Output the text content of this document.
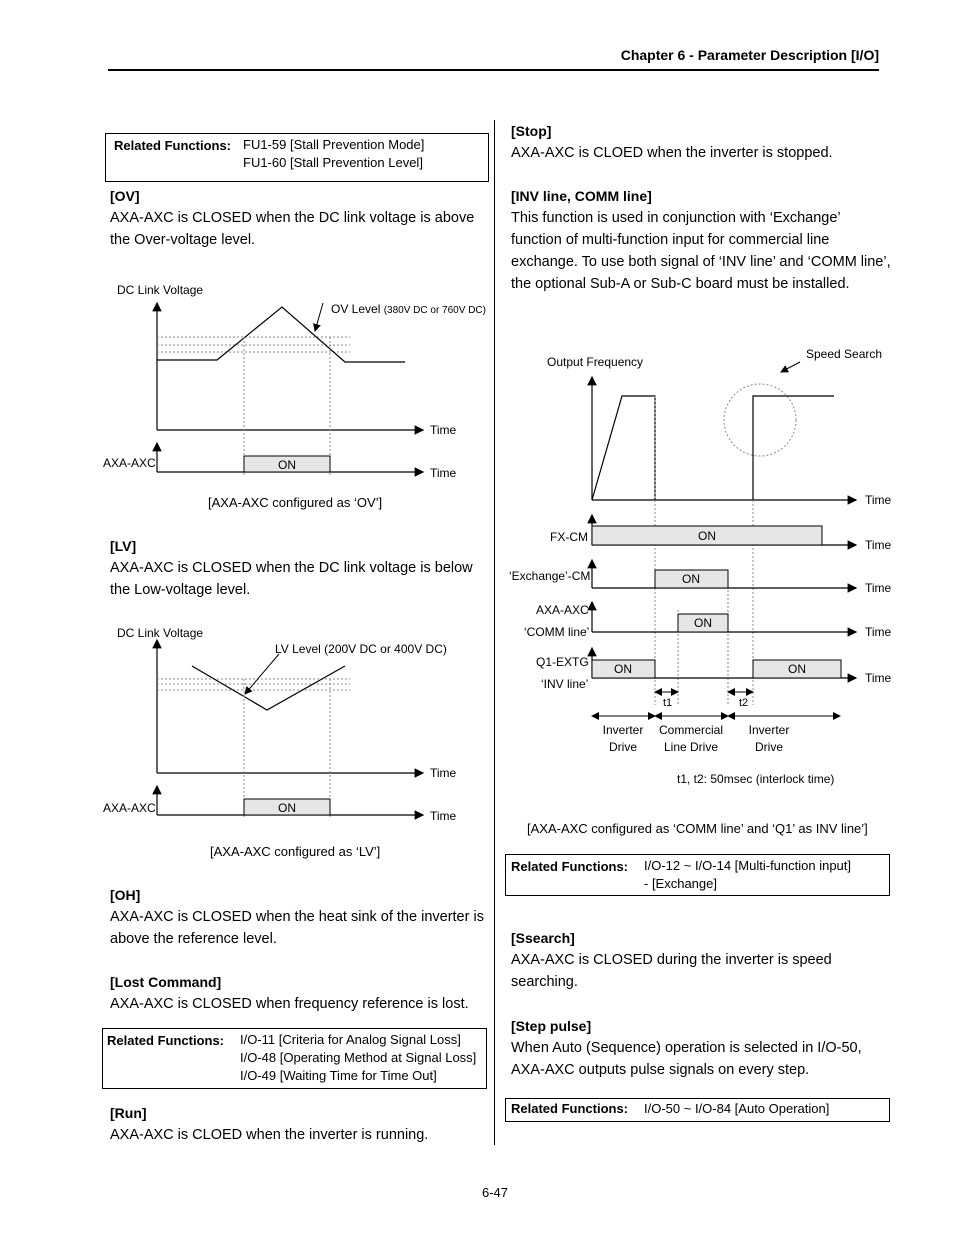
Chapter 6 - Parameter Description [I/O]
Related Functions: FU1-59 [Stall Prevention Mode]
FU1-60 [Stall Prevention Level]
[OV]
AXA-AXC is CLOSED when the DC link voltage is above
the Over-voltage level.
DC Link Voltage
OV Level (380V DC or 760V DC)
Time
AXA-AXC	ON
Time
[AXA-AXC configured as ‘OV’]
[LV]
AXA-AXC is CLOSED when the DC link voltage is below
the Low-voltage level.
DC Link Voltage
LV Level (200V DC or 400V DC)
Time
AXA-AXC	ON
Time
[AXA-AXC configured as ‘LV’]
[OH]
AXA-AXC is CLOSED when the heat sink of the inverter is
above the reference level.
[Lost Command]
AXA-AXC is CLOSED when frequency reference is lost.
Related Functions: I/O-11 [Criteria for Analog Signal Loss]
I/O-48 [Operating Method at Signal Loss]
I/O-49 [Waiting Time for Time Out]
[Run]
AXA-AXC is CLOED when the inverter is running.
[Stop]
AXA-AXC is CLOED when the inverter is stopped.
[INV line, COMM line]
This function is used in conjunction with ‘Exchange’
function of multi-function input for commercial line
exchange. To use both signal of ‘INV line’ and ‘COMM line’,
the optional Sub-A or Sub-C board must be installed.
Output Frequency
Speed Search
Time
FX-CM	ON
Time
‘Exchange’-CM	ON
Time
AXA-AXC
‘COMM line’
ON
Time
Q1-EXTG
‘INV line’
ON	ON
Time
t1	t2
Inverter
Drive
Commercial
Line Drive
Inverter
Drive
t1, t2: 50msec (interlock time)
[AXA-AXC configured as ‘COMM line’ and ‘Q1’ as INV line’]
Related Functions: I/O-12 ~ I/O-14 [Multi-function input]
- [Exchange]
[Ssearch]
AXA-AXC is CLOSED during the inverter is speed
searching.
[Step pulse]
When Auto (Sequence) operation is selected in I/O-50,
AXA-AXC outputs pulse signals on every step.
Related Functions: I/O-50 ~ I/O-84 [Auto Operation]
6-47
